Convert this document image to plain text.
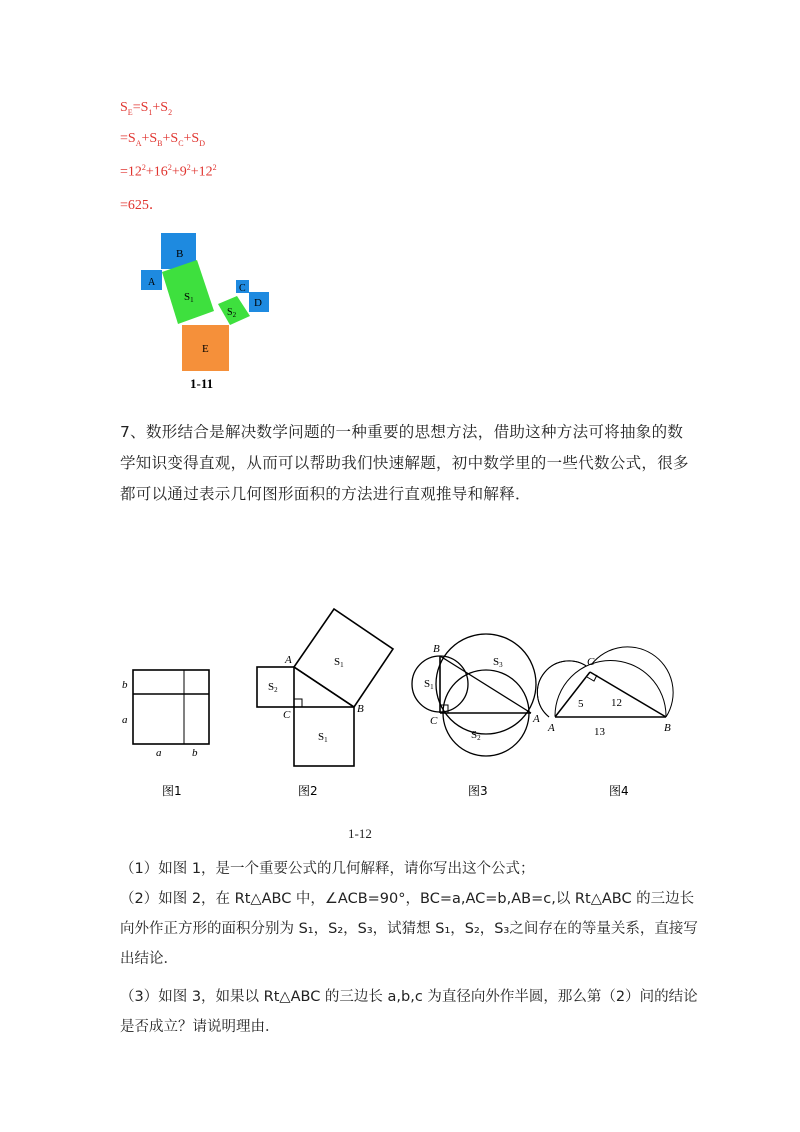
$S_E=S_1+S_2$
$=S_A+S_B+S_C+S_D$
$=12^2+16^2+9^2+12^2$
=625．
B
A
S1
C
D
$S_2$
E
1-11
b
a
a	b
图1
A
B
C
S1
S2
S1
图2
B
A
C
S1
S2
S3
图3
A	B
C
5	12
13
图4
7、数形结合是解决数学问题的一种重要的思想方法，借助这种方法可将抽象的数学知识变得直观，从而可以帮助我们快速解题，初中数学里的一些代数公式，很多都可以通过表示几何图形面积的方法进行直观推导和解释．
1-12
（1）如图 1，是一个重要公式的几何解释，请你写出这个公式；
（2）如图 2，在 Rt△ABC 中，∠ACB=90°，BC=a,AC=b,AB=c,以 Rt△ABC 的三边长向外作正方形的面积分别为 S₁，S₂，S₃，试猜想 S₁，S₂，S₃之间存在的等量关系，直接写出结论．
（3）如图 3，如果以 Rt△ABC 的三边长 a,b,c 为直径向外作半圆，那么第（2）问的结论是否成立？请说明理由．
